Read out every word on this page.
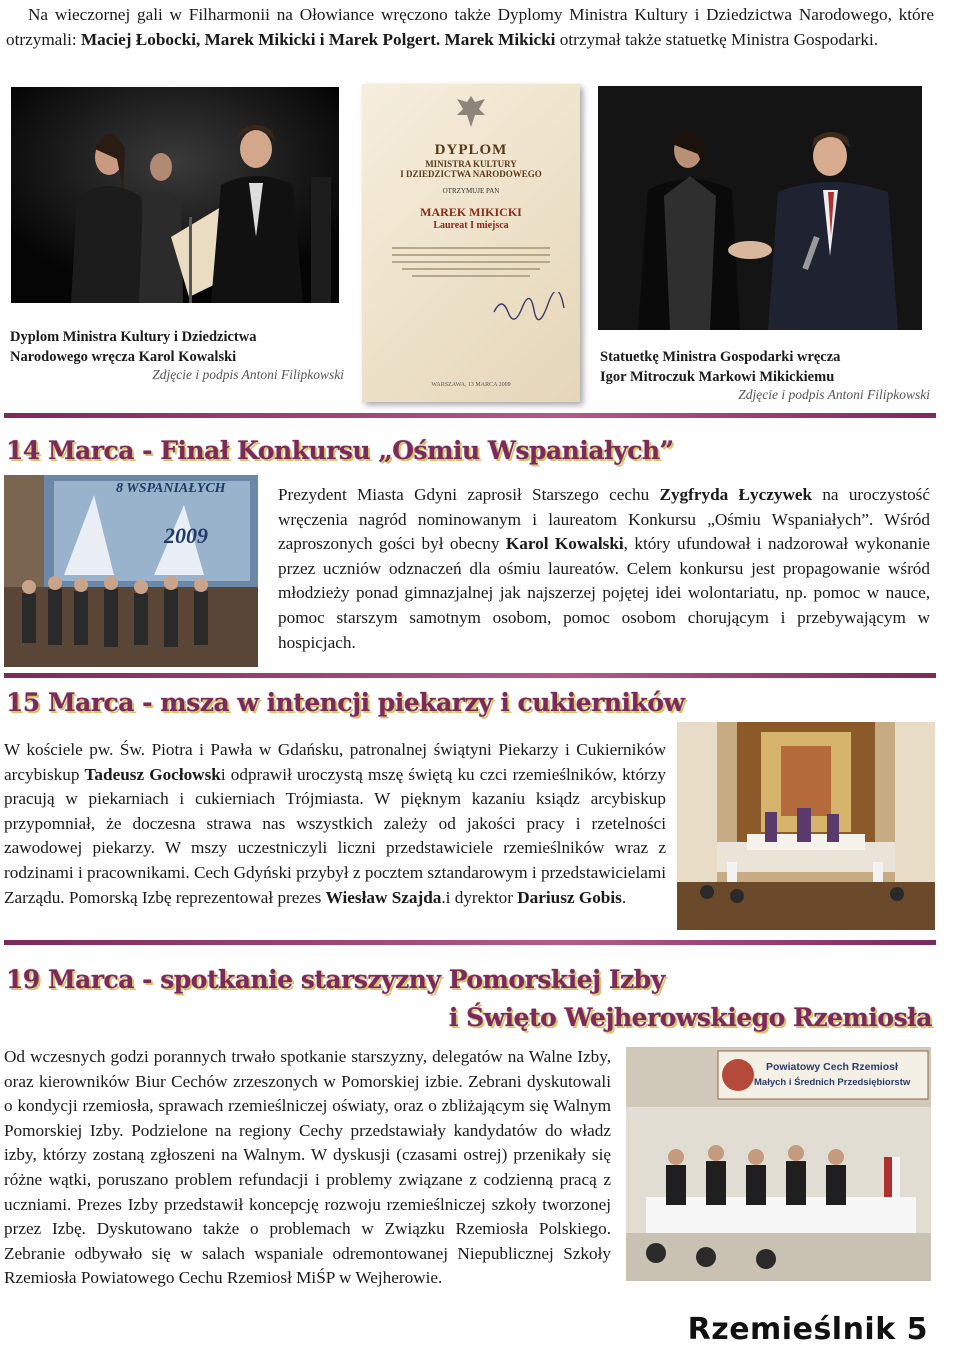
Na wieczornej gali w Filharmonii na Ołowiance wręczono także Dyplomy Ministra Kultury i Dziedzictwa Narodowego, które otrzymali: Maciej Łobocki, Marek Mikicki i Marek Polgert. Marek Mikicki otrzymał także statuetkę Ministra Gospodarki.

Dyplom Ministra Kultury i Dziedzictwa
Narodowego wręcza Karol Kowalski
Zdjęcie i podpis Antoni Filipkowski
DYPLOM
MINISTRA KULTURY
I DZIEDZICTWA NARODOWEGO
OTRZYMUJE PAN
MAREK MIKICKI
Laureat I miejsca
WARSZAWA, 13 MARCA 2009
Statuetkę Ministra Gospodarki wręcza
Igor Mitroczuk Markowi Mikickiemu
Zdjęcie i podpis Antoni Filipkowski
14 Marca - Finał Konkursu „Ośmiu Wspaniałych”
8 WSPANIAŁYCH
2009

Prezydent Miasta Gdyni zaprosił Starszego cechu Zygfryda Łyczywek na uroczystość wręczenia nagród nominowanym i laureatom Konkursu „Ośmiu Wspaniałych”. Wśród zaproszonych gości był obecny Karol Kowalski, który ufundował i nadzorował wykonanie przez uczniów odznaczeń dla ośmiu laureatów. Celem konkursu jest propagowanie wśród młodzieży ponad gimnazjalnej jak najszerzej pojętej idei wolontariatu, np. pomoc w nauce, pomoc starszym samotnym osobom, pomoc osobom chorującym i przebywającym w hospicjach.

15 Marca - msza w intencji piekarzy i cukierników

W kościele pw. Św. Piotra i Pawła w Gdańsku, patronalnej świątyni Piekarzy i Cukierników arcybiskup Tadeusz Gocłowski odprawił uroczystą mszę świętą ku czci rzemieślników, którzy pracują w piekarniach i cukierniach Trójmiasta. W pięknym kazaniu ksiądz arcybiskup przypomniał, że doczesna strawa nas wszystkich zależy od jakości pracy i rzetelności zawodowej piekarzy. W mszy uczestniczyli liczni przedstawiciele rzemieślników wraz z rodzinami i pracownikami. Cech Gdyński przybył z pocztem sztandarowym i przedstawicielami Zarządu. Pomorską Izbę reprezentował prezes Wiesław Szajda.i dyrektor Dariusz Gobis.

19 Marca - spotkanie starszyzny Pomorskiej Izby
i Święto Wejherowskiego Rzemiosła
Powiatowy Cech Rzemiosł
Małych i Średnich Przedsiębiorstw
Od wczesnych godzi porannych trwało spotkanie starszyzny, delegatów na Walne Izby, oraz kierowników Biur Cechów zrzeszonych w Pomorskiej izbie. Zebrani dyskutowali o kondycji rzemiosła, sprawach rzemieślniczej oświaty, oraz o zbliżającym się Walnym Pomorskiej Izby. Podzielone na regiony Cechy przedstawiały kandydatów do władz izby, którzy zostaną zgłoszeni na Walnym. W dyskusji (czasami ostrej) przenikały się różne wątki, poruszano problem refundacji i problemy związane z codzienną pracą z uczniami. Prezes Izby przedstawił koncepcję rozwoju rzemieślniczej szkoły tworzonej przez Izbę. Dyskutowano także o problemach w Związku Rzemiosła Polskiego. Zebranie odbywało się w salach wspaniale odremontowanej Niepublicznej Szkoły Rzemiosła Powiatowego Cechu Rzemiosł MiŚP w Wejherowie.
Rzemieślnik 5
